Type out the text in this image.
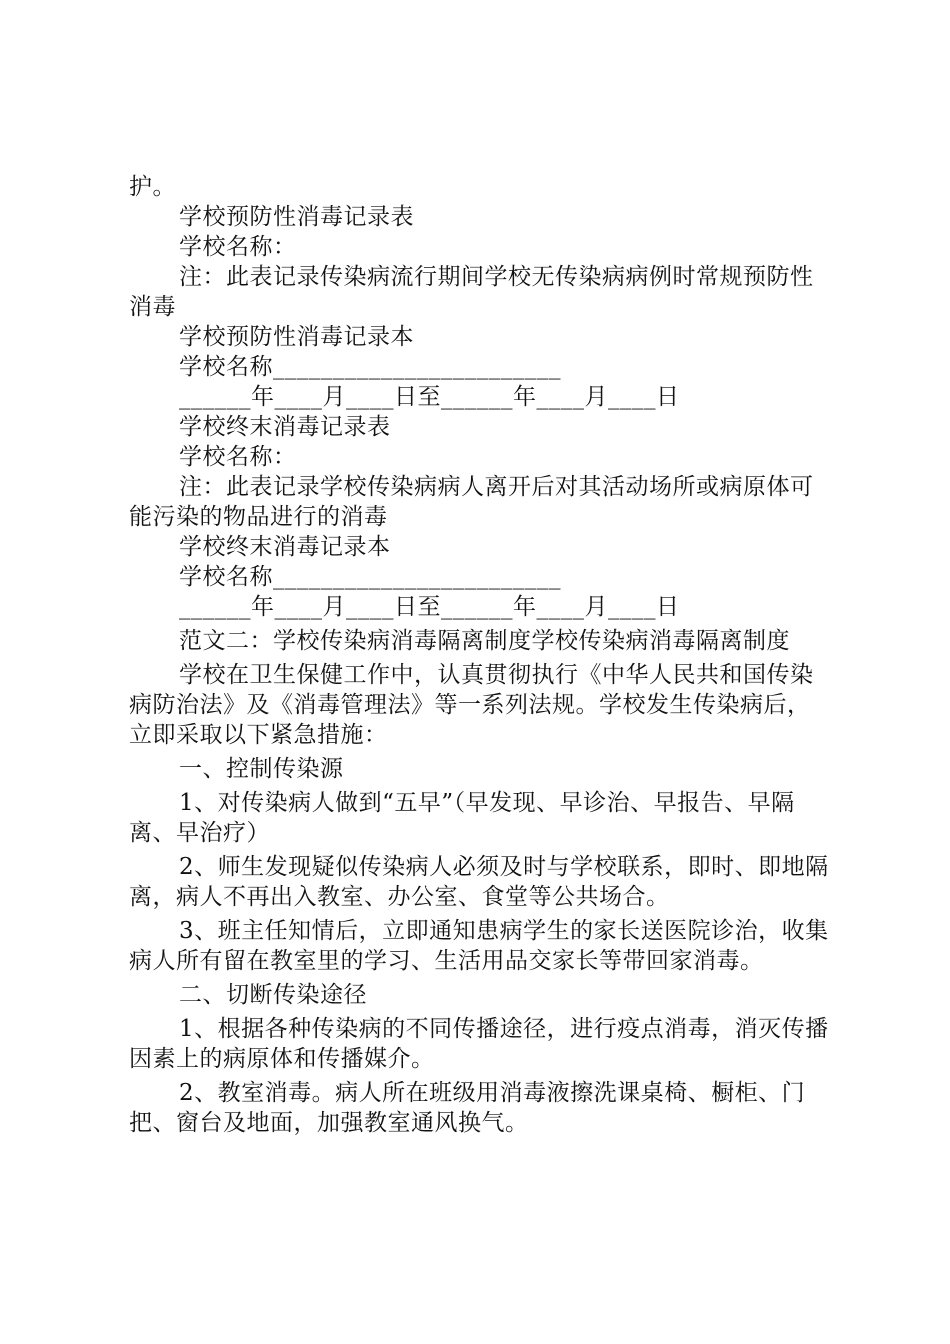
护。

学校预防性消毒记录表

学校名称：

注：此表记录传染病流行期间学校无传染病病例时常规预防性消毒

学校预防性消毒记录本

学校名称________________________

______年____月____日至______年____月____日

学校终末消毒记录表

学校名称：

注：此表记录学校传染病病人离开后对其活动场所或病原体可能污染的物品进行的消毒

学校终末消毒记录本

学校名称________________________

______年____月____日至______年____月____日

范文二：学校传染病消毒隔离制度学校传染病消毒隔离制度

学校在卫生保健工作中，认真贯彻执行《中华人民共和国传染病防治法》及《消毒管理法》等一系列法规。学校发生传染病后，立即采取以下紧急措施：

一、控制传染源

1、对传染病人做到“五早”（早发现、早诊治、早报告、早隔离、早治疗）

2、师生发现疑似传染病人必须及时与学校联系，即时、即地隔离，病人不再出入教室、办公室、食堂等公共场合。

3、班主任知情后，立即通知患病学生的家长送医院诊治，收集病人所有留在教室里的学习、生活用品交家长等带回家消毒。

二、切断传染途径

1、根据各种传染病的不同传播途径，进行疫点消毒，消灭传播因素上的病原体和传播媒介。

2、教室消毒。病人所在班级用消毒液擦洗课桌椅、橱柜、门把、窗台及地面，加强教室通风换气。
